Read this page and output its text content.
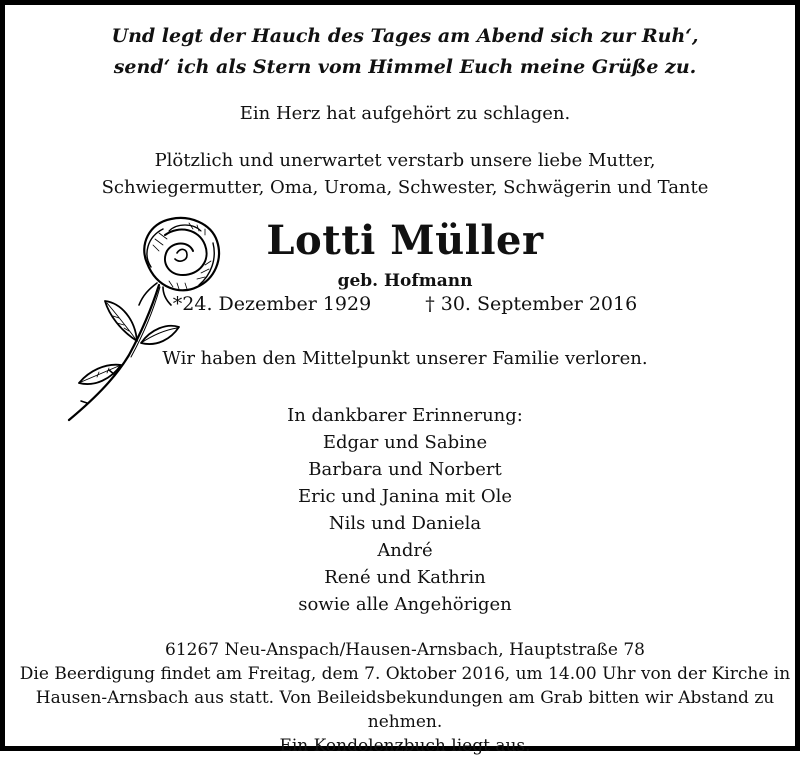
Und legt der Hauch des Tages am Abend sich zur Ruh‘,
send‘ ich als Stern vom Himmel Euch meine Grüße zu.
Ein Herz hat aufgehört zu schlagen.
Plötzlich und unerwartet verstarb unsere liebe Mutter,
Schwiegermutter, Oma, Uroma, Schwester, Schwägerin und Tante
Lotti Müller
geb. Hofmann
*24. Dezember 1929	† 30. September 2016
Wir haben den Mittelpunkt unserer Familie verloren.
In dankbarer Erinnerung:
Edgar und Sabine
Barbara und Norbert
Eric und Janina mit Ole
Nils und Daniela
André
René und Kathrin
sowie alle Angehörigen
61267 Neu-Anspach/Hausen-Arnsbach, Hauptstraße 78
Die Beerdigung findet am Freitag, dem 7. Oktober 2016, um 14.00 Uhr von der Kirche in
Hausen-Arnsbach aus statt. Von Beileidsbekundungen am Grab bitten wir Abstand zu nehmen.
Ein Kondolenzbuch liegt aus.
